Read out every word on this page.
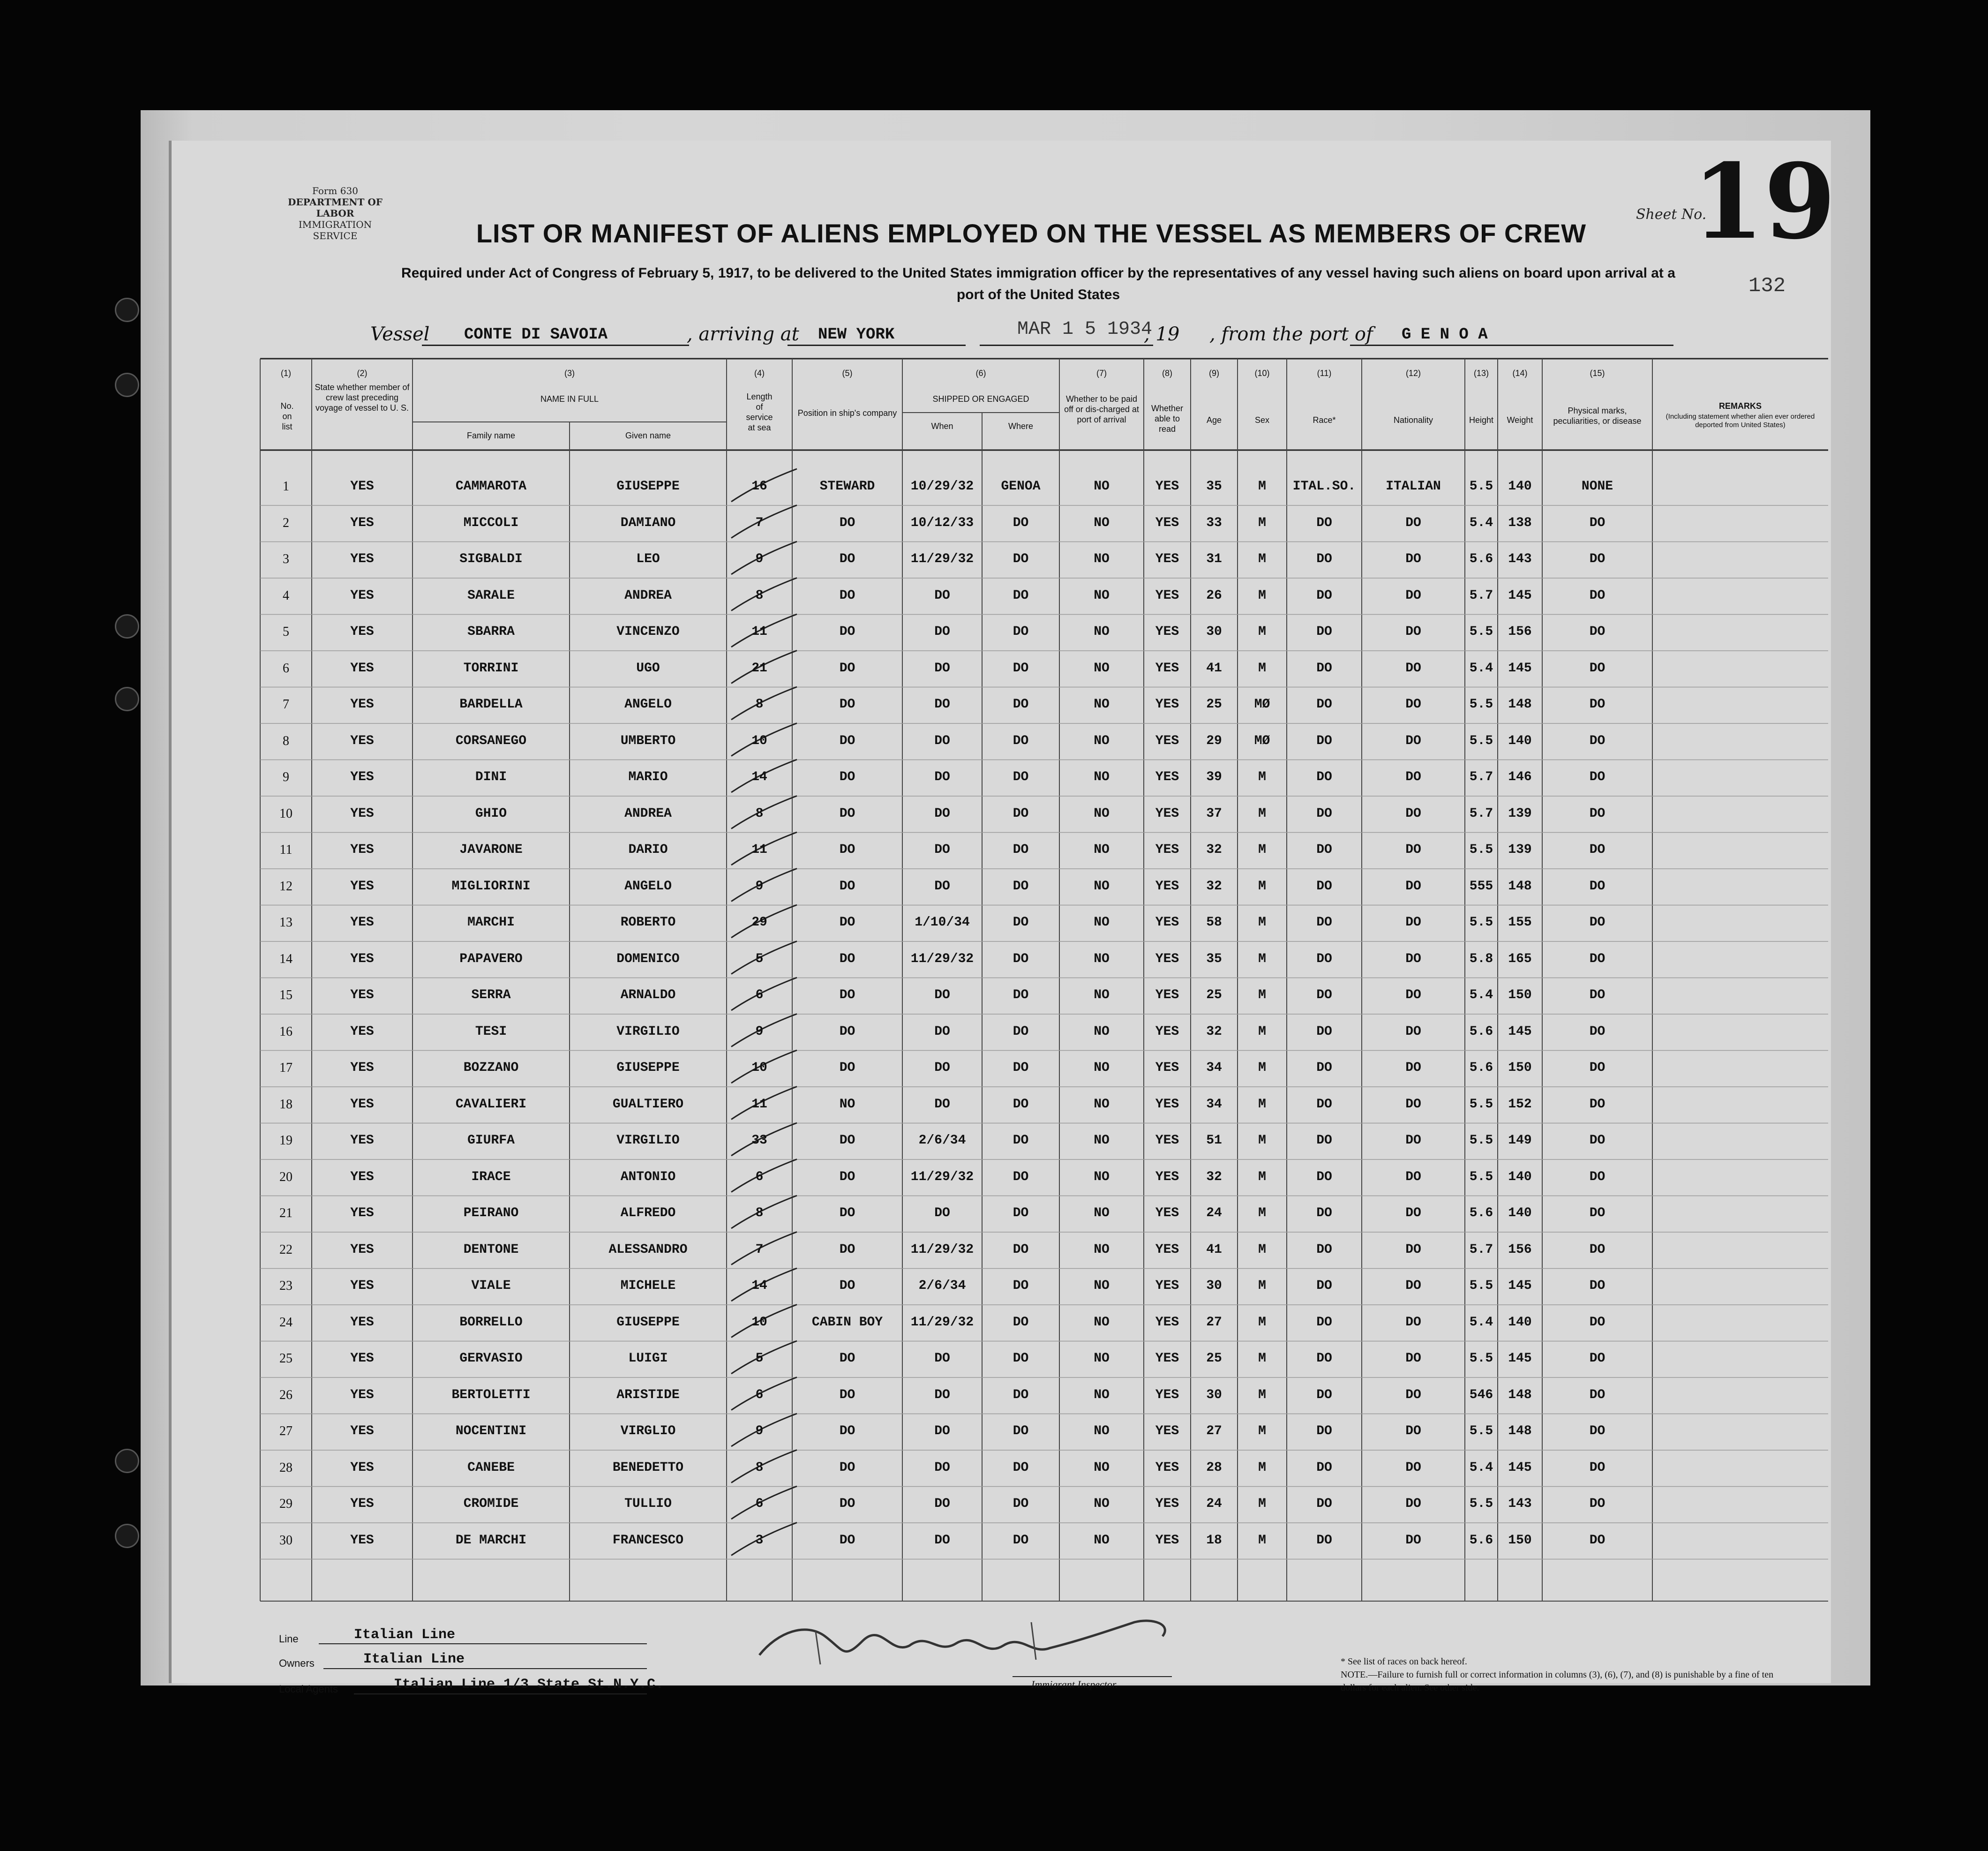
Form 630
DEPARTMENT OF LABOR
IMMIGRATION SERVICE
Sheet No.
19
LIST OR MANIFEST OF ALIENS EMPLOYED ON THE VESSEL AS MEMBERS OF CREW
Required under Act of Congress of February 5, 1917, to be delivered to the United States immigration officer by the representatives of any vessel having such aliens on board upon arrival at a
port of the United States	132
Vessel CONTE DI SAVOIA	, arriving at NEW YORK	MAR 1 5 1934
, 19 , from the port of G E N O A
(1)
No. on list
(2)
State whether member of crew last preceding voyage of vessel to U. S.
(3)
NAME IN FULL
Family name	Given name
(4)
Length of service at sea
(5)
Position in ship's company
(6)
SHIPPED OR ENGAGED
When	Where
(7)
Whether to be paid off or dis-charged at port of arrival
(8)
Whether able to read
(9)
Age
(10)
Sex
(11)
Race*
(12)
Nationality
(13)
Height
(14)
Weight
(15)
Physical marks, peculiarities, or disease
REMARKS
(Including statement whether alien ever ordered deported from United States)
1	YES	CAMMAROTA	GIUSEPPE	16	STEWARD	10/29/32	GENOA	NO	YES	35	M	ITAL.SO.	ITALIAN	5.5	140	NONE
2	YES	MICCOLI	DAMIANO	7	DO	10/12/33	DO	NO	YES	33	M	DO	DO	5.4	138	DO
3	YES	SIGBALDI	LEO	9	DO	11/29/32	DO	NO	YES	31	M	DO	DO	5.6	143	DO
4	YES	SARALE	ANDREA	8	DO	DO	DO	NO	YES	26	M	DO	DO	5.7	145	DO
5	YES	SBARRA	VINCENZO	11	DO	DO	DO	NO	YES	30	M	DO	DO	5.5	156	DO
6	YES	TORRINI	UGO	21	DO	DO	DO	NO	YES	41	M	DO	DO	5.4	145	DO
7	YES	BARDELLA	ANGELO	8	DO	DO	DO	NO	YES	25	MØ	DO	DO	5.5	148	DO
8	YES	CORSANEGO	UMBERTO	10	DO	DO	DO	NO	YES	29	MØ	DO	DO	5.5	140	DO
9	YES	DINI	MARIO	14	DO	DO	DO	NO	YES	39	M	DO	DO	5.7	146	DO
10	YES	GHIO	ANDREA	8	DO	DO	DO	NO	YES	37	M	DO	DO	5.7	139	DO
11	YES	JAVARONE	DARIO	11	DO	DO	DO	NO	YES	32	M	DO	DO	5.5	139	DO
12	YES	MIGLIORINI	ANGELO	9	DO	DO	DO	NO	YES	32	M	DO	DO	555	148	DO
13	YES	MARCHI	ROBERTO	29	DO	1/10/34	DO	NO	YES	58	M	DO	DO	5.5	155	DO
14	YES	PAPAVERO	DOMENICO	5	DO	11/29/32	DO	NO	YES	35	M	DO	DO	5.8	165	DO
15	YES	SERRA	ARNALDO	6	DO	DO	DO	NO	YES	25	M	DO	DO	5.4	150	DO
16	YES	TESI	VIRGILIO	9	DO	DO	DO	NO	YES	32	M	DO	DO	5.6	145	DO
17	YES	BOZZANO	GIUSEPPE	10	DO	DO	DO	NO	YES	34	M	DO	DO	5.6	150	DO
18	YES	CAVALIERI	GUALTIERO	11	NO	DO	DO	NO	YES	34	M	DO	DO	5.5	152	DO
19	YES	GIURFA	VIRGILIO	33	DO	2/6/34	DO	NO	YES	51	M	DO	DO	5.5	149	DO
20	YES	IRACE	ANTONIO	6	DO	11/29/32	DO	NO	YES	32	M	DO	DO	5.5	140	DO
21	YES	PEIRANO	ALFREDO	8	DO	DO	DO	NO	YES	24	M	DO	DO	5.6	140	DO
22	YES	DENTONE	ALESSANDRO	7	DO	11/29/32	DO	NO	YES	41	M	DO	DO	5.7	156	DO
23	YES	VIALE	MICHELE	14	DO	2/6/34	DO	NO	YES	30	M	DO	DO	5.5	145	DO
24	YES	BORRELLO	GIUSEPPE	10	CABIN BOY	11/29/32	DO	NO	YES	27	M	DO	DO	5.4	140	DO
25	YES	GERVASIO	LUIGI	5	DO	DO	DO	NO	YES	25	M	DO	DO	5.5	145	DO
26	YES	BERTOLETTI	ARISTIDE	6	DO	DO	DO	NO	YES	30	M	DO	DO	546	148	DO
27	YES	NOCENTINI	VIRGLIO	9	DO	DO	DO	NO	YES	27	M	DO	DO	5.5	148	DO
28	YES	CANEBE	BENEDETTO	8	DO	DO	DO	NO	YES	28	M	DO	DO	5.4	145	DO
29	YES	CROMIDE	TULLIO	6	DO	DO	DO	NO	YES	24	M	DO	DO	5.5	143	DO
30	YES	DE MARCHI	FRANCESCO	3	DO	DO	DO	NO	YES	18	M	DO	DO	5.6	150	DO
Line	Italian Line
Owners	Italian Line
Local Agents	Italian Line 1/3 State St.N.Y.C.	Immigrant Inspector.
* See list of races on back hereof.
NOTE.—Failure to furnish full or correct information in columns (3), (6), (7), and (8) is punishable by a fine of ten dollars for each alien. See other side.
